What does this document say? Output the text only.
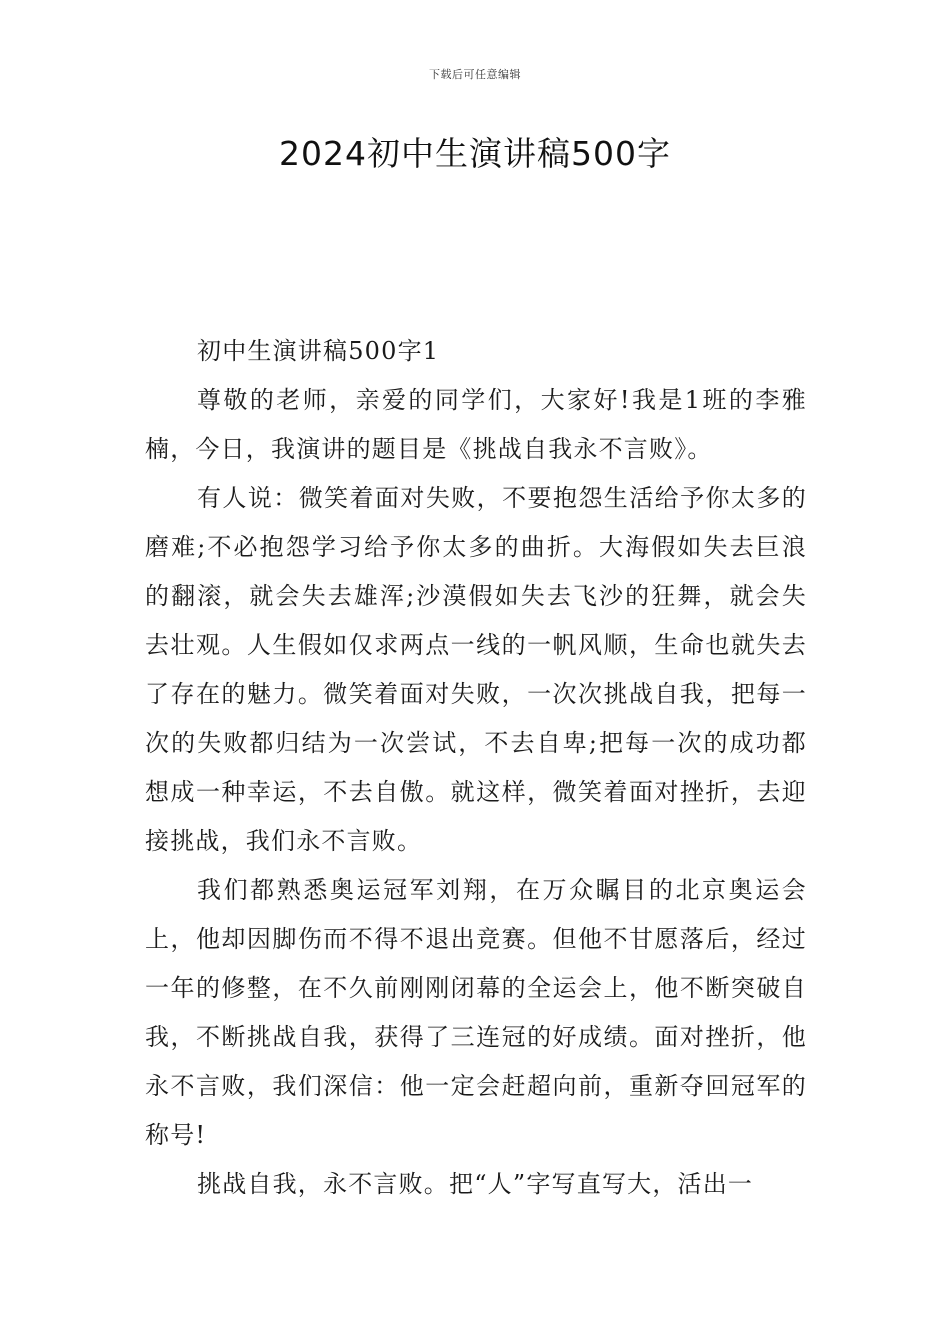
下载后可任意编辑
2024初中生演讲稿500字

初中生演讲稿500字1

尊敬的老师，亲爱的同学们，大家好!我是1班的李雅楠，今日，我演讲的题目是《挑战自我永不言败》。

有人说：微笑着面对失败，不要抱怨生活给予你太多的磨难;不必抱怨学习给予你太多的曲折。大海假如失去巨浪的翻滚，就会失去雄浑;沙漠假如失去飞沙的狂舞，就会失去壮观。人生假如仅求两点一线的一帆风顺，生命也就失去了存在的魅力。微笑着面对失败，一次次挑战自我，把每一次的失败都归结为一次尝试，不去自卑;把每一次的成功都想成一种幸运，不去自傲。就这样，微笑着面对挫折，去迎接挑战，我们永不言败。

我们都熟悉奥运冠军刘翔，在万众瞩目的北京奥运会上，他却因脚伤而不得不退出竞赛。但他不甘愿落后，经过一年的修整，在不久前刚刚闭幕的全运会上，他不断突破自我，不断挑战自我，获得了三连冠的好成绩。面对挫折，他永不言败，我们深信：他一定会赶超向前，重新夺回冠军的称号!

挑战自我，永不言败。把“人”字写直写大，活出一
